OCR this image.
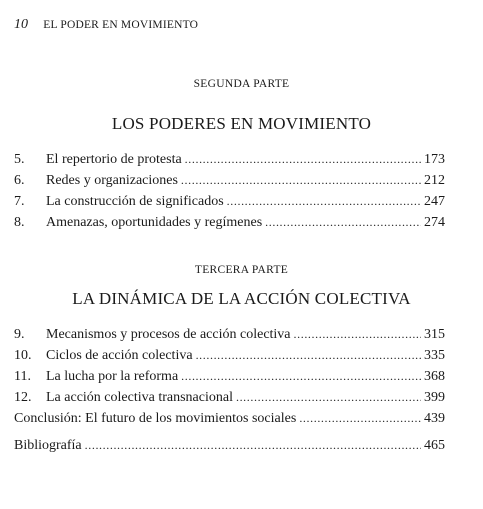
10 EL PODER EN MOVIMIENTO
SEGUNDA PARTE
LOS PODERES EN MOVIMIENTO
5.	El repertorio de protesta . . .	173
6.	Redes y organizaciones . . .	212
7.	La construcción de significados . . .	247
8.	Amenazas, oportunidades y regímenes . . .	274
TERCERA PARTE
LA DINÁMICA DE LA ACCIÓN COLECTIVA
9.	Mecanismos y procesos de acción colectiva . . .	315
10.	Ciclos de acción colectiva . . .	335
11.	La lucha por la reforma . . .	368
12.	La acción colectiva transnacional . . .	399
Conclusión: El futuro de los movimientos sociales . . .	439
Bibliografía . . .	465
